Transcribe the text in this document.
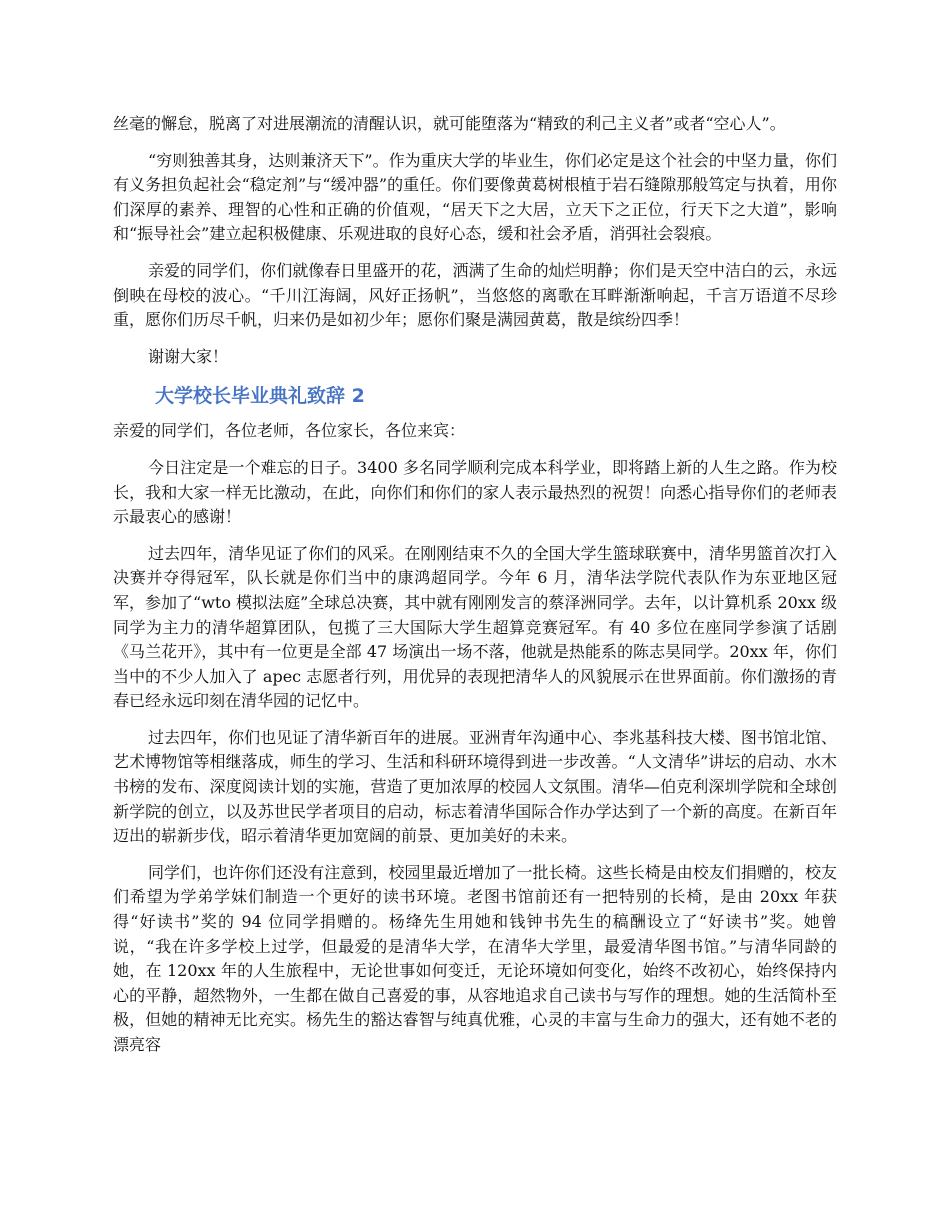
丝毫的懈怠，脱离了对进展潮流的清醒认识，就可能堕落为“精致的利己主义者”或者“空心人”。

“穷则独善其身，达则兼济天下”。作为重庆大学的毕业生，你们必定是这个社会的中坚力量，你们有义务担负起社会“稳定剂”与“缓冲器”的重任。你们要像黄葛树根植于岩石缝隙那般笃定与执着，用你们深厚的素养、理智的心性和正确的价值观，“居天下之大居，立天下之正位，行天下之大道”，影响和“振导社会”建立起积极健康、乐观进取的良好心态，缓和社会矛盾，消弭社会裂痕。

亲爱的同学们，你们就像春日里盛开的花，洒满了生命的灿烂明静；你们是天空中洁白的云，永远倒映在母校的波心。“千川江海阔，风好正扬帆”，当悠悠的离歌在耳畔渐渐响起，千言万语道不尽珍重，愿你们历尽千帆，归来仍是如初少年；愿你们聚是满园黄葛，散是缤纷四季！

谢谢大家！

大学校长毕业典礼致辞 2

亲爱的同学们，各位老师，各位家长，各位来宾：

今日注定是一个难忘的日子。3400 多名同学顺利完成本科学业，即将踏上新的人生之路。作为校长，我和大家一样无比激动，在此，向你们和你们的家人表示最热烈的祝贺！向悉心指导你们的老师表示最衷心的感谢！

过去四年，清华见证了你们的风采。在刚刚结束不久的全国大学生篮球联赛中，清华男篮首次打入决赛并夺得冠军，队长就是你们当中的康鸿超同学。今年 6 月，清华法学院代表队作为东亚地区冠军，参加了“wto 模拟法庭”全球总决赛，其中就有刚刚发言的蔡泽洲同学。去年，以计算机系 20xx 级同学为主力的清华超算团队，包揽了三大国际大学生超算竞赛冠军。有 40 多位在座同学参演了话剧《马兰花开》，其中有一位更是全部 47 场演出一场不落，他就是热能系的陈志昊同学。20xx 年，你们当中的不少人加入了 apec 志愿者行列，用优异的表现把清华人的风貌展示在世界面前。你们激扬的青春已经永远印刻在清华园的记忆中。

过去四年，你们也见证了清华新百年的进展。亚洲青年沟通中心、李兆基科技大楼、图书馆北馆、艺术博物馆等相继落成，师生的学习、生活和科研环境得到进一步改善。“人文清华”讲坛的启动、水木书榜的发布、深度阅读计划的实施，营造了更加浓厚的校园人文氛围。清华—伯克利深圳学院和全球创新学院的创立，以及苏世民学者项目的启动，标志着清华国际合作办学达到了一个新的高度。在新百年迈出的崭新步伐，昭示着清华更加宽阔的前景、更加美好的未来。

同学们，也许你们还没有注意到，校园里最近增加了一批长椅。这些长椅是由校友们捐赠的，校友们希望为学弟学妹们制造一个更好的读书环境。老图书馆前还有一把特别的长椅，是由 20xx 年获得“好读书”奖的 94 位同学捐赠的。杨绛先生用她和钱钟书先生的稿酬设立了“好读书”奖。她曾说，“我在许多学校上过学，但最爱的是清华大学，在清华大学里，最爱清华图书馆。”与清华同龄的她，在 120xx 年的人生旅程中，无论世事如何变迁，无论环境如何变化，始终不改初心，始终保持内心的平静，超然物外，一生都在做自己喜爱的事，从容地追求自己读书与写作的理想。她的生活简朴至极，但她的精神无比充实。杨先生的豁达睿智与纯真优雅，心灵的丰富与生命力的强大，还有她不老的漂亮容
